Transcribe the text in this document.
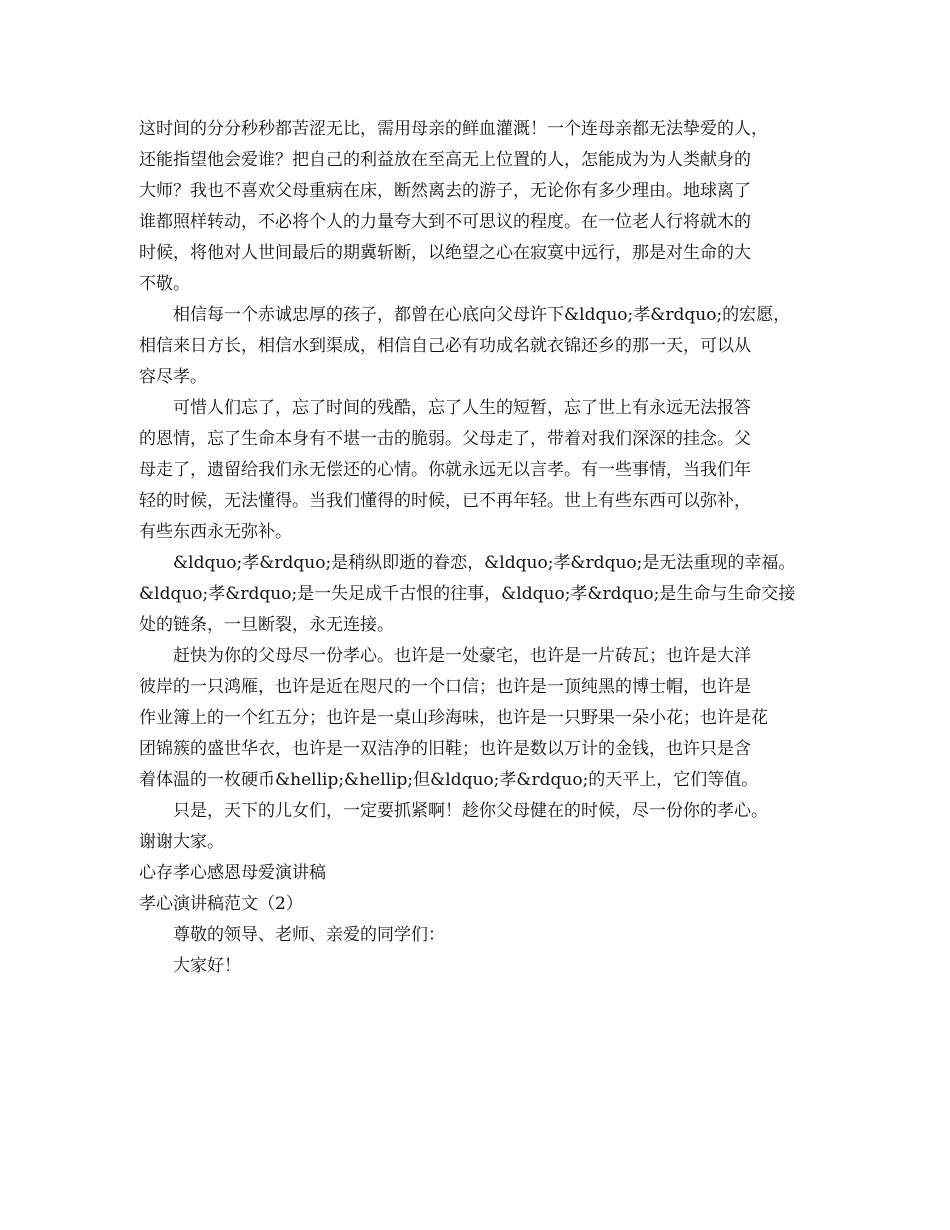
这时间的分分秒秒都苦涩无比，需用母亲的鲜血灌溉！一个连母亲都无法挚爱的人，
还能指望他会爱谁？把自己的利益放在至高无上位置的人，怎能成为为人类献身的
大师？我也不喜欢父母重病在床，断然离去的游子，无论你有多少理由。地球离了
谁都照样转动，不必将个人的力量夸大到不可思议的程度。在一位老人行将就木的
时候，将他对人世间最后的期冀斩断，以绝望之心在寂寞中远行，那是对生命的大
不敬。

相信每一个赤诚忠厚的孩子，都曾在心底向父母许下&ldquo;孝&rdquo;的宏愿，
相信来日方长，相信水到渠成，相信自己必有功成名就衣锦还乡的那一天，可以从
容尽孝。

可惜人们忘了，忘了时间的残酷，忘了人生的短暂，忘了世上有永远无法报答
的恩情，忘了生命本身有不堪一击的脆弱。父母走了，带着对我们深深的挂念。父
母走了，遗留给我们永无偿还的心情。你就永远无以言孝。有一些事情，当我们年
轻的时候，无法懂得。当我们懂得的时候，已不再年轻。世上有些东西可以弥补，
有些东西永无弥补。

&ldquo;孝&rdquo;是稍纵即逝的眷恋，&ldquo;孝&rdquo;是无法重现的幸福。
&ldquo;孝&rdquo;是一失足成千古恨的往事，&ldquo;孝&rdquo;是生命与生命交接
处的链条，一旦断裂，永无连接。

赶快为你的父母尽一份孝心。也许是一处豪宅，也许是一片砖瓦；也许是大洋
彼岸的一只鸿雁，也许是近在咫尺的一个口信；也许是一顶纯黑的博士帽，也许是
作业簿上的一个红五分；也许是一桌山珍海味，也许是一只野果一朵小花；也许是花
团锦簇的盛世华衣，也许是一双洁净的旧鞋；也许是数以万计的金钱，也许只是含
着体温的一枚硬币&hellip;&hellip;但&ldquo;孝&rdquo;的天平上，它们等值。

只是，天下的儿女们，一定要抓紧啊！趁你父母健在的时候，尽一份你的孝心。
谢谢大家。

心存孝心感恩母爱演讲稿

孝心演讲稿范文（2）

尊敬的领导、老师、亲爱的同学们：

大家好！
